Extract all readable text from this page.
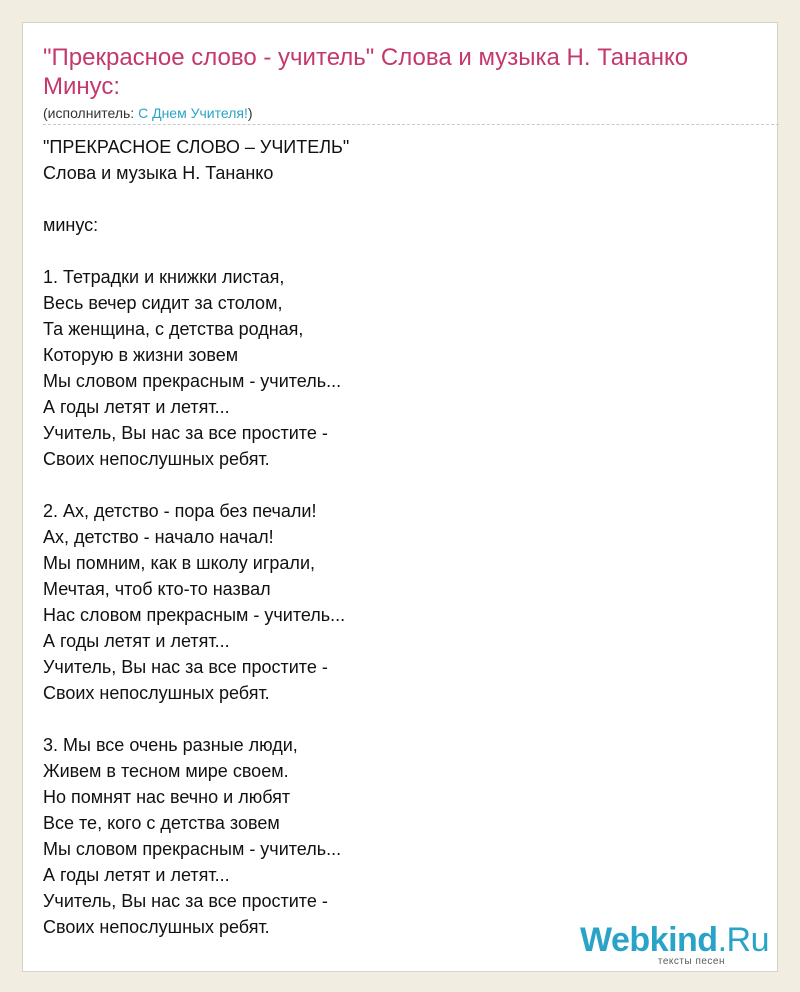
"Прекрасное слово - учитель" Слова и музыка Н. Тананко Минус:
(исполнитель: С Днем Учителя!)
"ПРЕКРАСНОЕ СЛОВО – УЧИТЕЛЬ"
Слова и музыка Н. Тананко

минус:

1. Тетрадки и книжки листая,
Весь вечер сидит за столом,
Та женщина, с детства родная,
Которую в жизни зовем
Мы словом прекрасным - учитель...
А годы летят и летят...
Учитель, Вы нас за все простите -
Своих непослушных ребят.

2. Ах, детство - пора без печали!
Ах, детство - начало начал!
Мы помним, как в школу играли,
Мечтая, чтоб кто-то назвал
Нас словом прекрасным - учитель...
А годы летят и летят...
Учитель, Вы нас за все простите -
Своих непослушных ребят.

3. Мы все очень разные люди,
Живем в тесном мире своем.
Но помнят нас вечно и любят
Все те, кого с детства зовем
Мы словом прекрасным - учитель...
А годы летят и летят...
Учитель, Вы нас за все простите -
Своих непослушных ребят.	Webkind.Ru
тексты песен
